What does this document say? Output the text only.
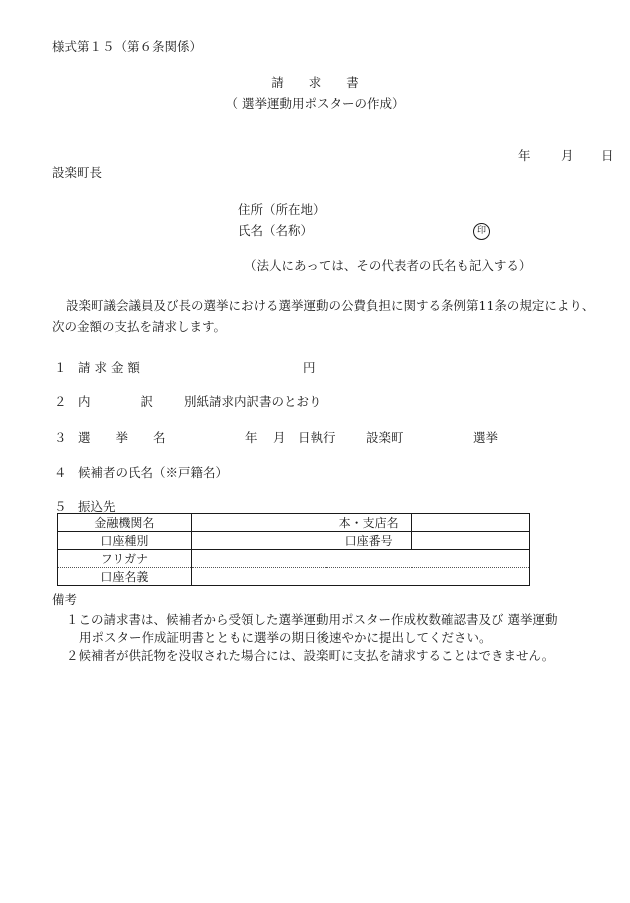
様式第１５（第６条関係）
請　　求　　書
（ 選挙運動用ポスターの作成）
年 月 日
設楽町長
住所（所在地）
氏名（名称）	印
（法人にあっては、その代表者の氏名も記入する）
設楽町議会議員及び長の選挙における選挙運動の公費負担に関する条例第11条の規定により、
次の金額の支払を請求します。
１ 請 求 金 額	円
２ 内　　　　訳 別紙請求内訳書のとおり
３ 選　　挙　　名	年 月 日執行 設楽町	選挙
４ 候補者の氏名（※戸籍名）
５ 振込先
金融機関名		本・支店名	
口座種別		口座番号	
フリガナ			
口座名義			
備考
１この請求書は、候補者から受領した選挙運動用ポスター作成枚数確認書及び 選挙運動
用ポスター作成証明書とともに選挙の期日後速やかに提出してください。
２候補者が供託物を没収された場合には、設楽町に支払を請求することはできません。
